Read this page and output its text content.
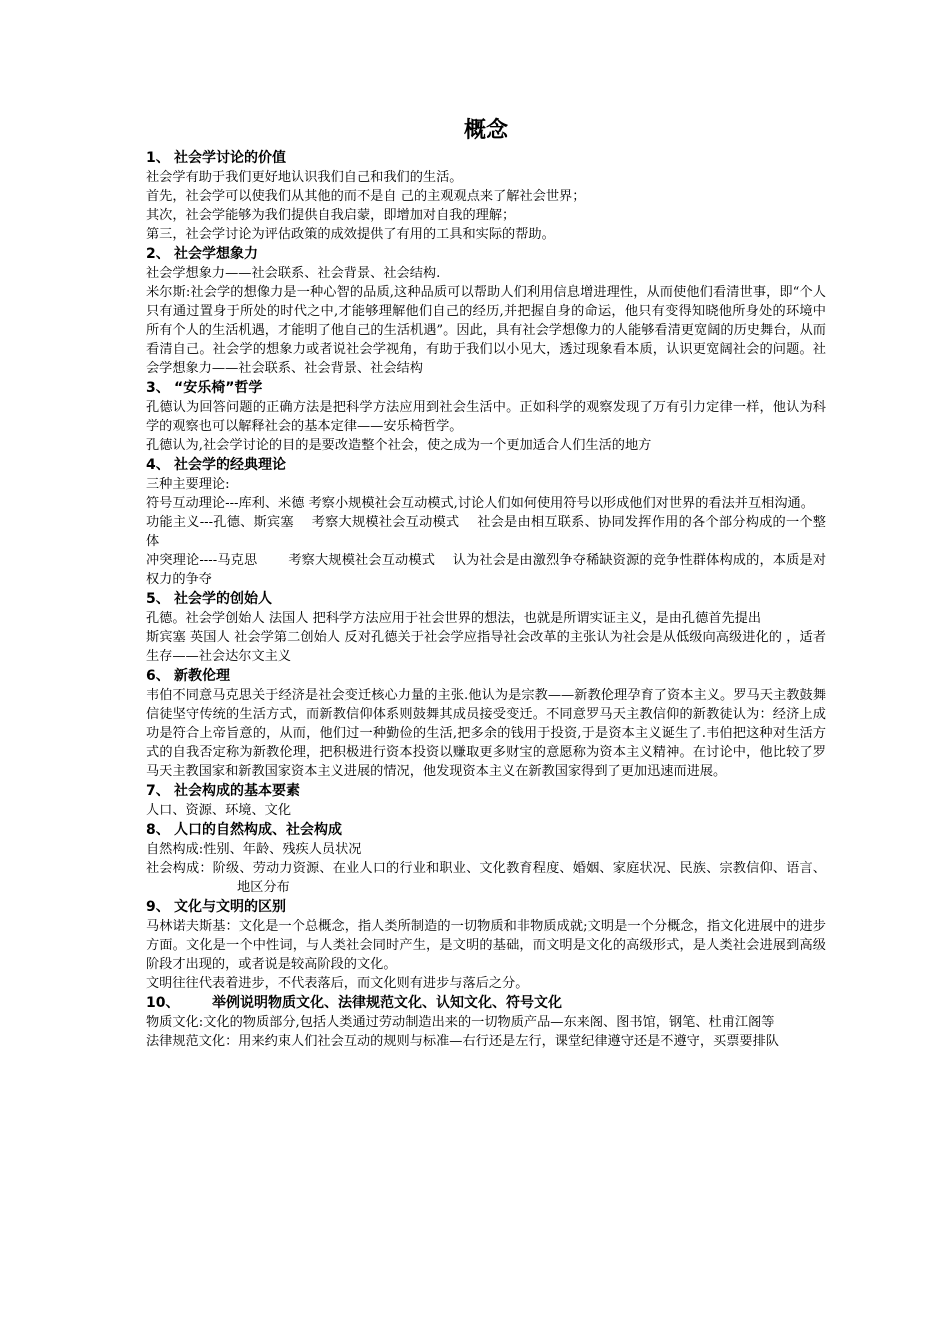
概念
1、 社会学讨论的价值

社会学有助于我们更好地认识我们自己和我们的生活。

首先，社会学可以使我们从其他的而不是自 己的主观观点来了解社会世界；

其次，社会学能够为我们提供自我启蒙，即增加对自我的理解；

第三，社会学讨论为评估政策的成效提供了有用的工具和实际的帮助。

2、 社会学想象力

社会学想象力——社会联系、社会背景、社会结构.

米尔斯:社会学的想像力是一种心智的品质,这种品质可以帮助人们利用信息增进理性，从而使他们看清世事，即“个人只有通过置身于所处的时代之中,才能够理解他们自己的经历,并把握自身的命运，他只有变得知晓他所身处的环境中所有个人的生活机遇，才能明了他自己的生活机遇”。因此，具有社会学想像力的人能够看清更宽阔的历史舞台，从而看清自己。社会学的想象力或者说社会学视角，有助于我们以小见大，透过现象看本质，认识更宽阔社会的问题。社会学想象力——社会联系、社会背景、社会结构

3、 “安乐椅”哲学

孔德认为回答问题的正确方法是把科学方法应用到社会生活中。正如科学的观察发现了万有引力定律一样，他认为科学的观察也可以解释社会的基本定律——安乐椅哲学。

孔德认为,社会学讨论的目的是要改造整个社会，使之成为一个更加适合人们生活的地方

4、 社会学的经典理论

三种主要理论:

符号互动理论---库利、米德 考察小规模社会互动模式,讨论人们如何使用符号以形成他们对世界的看法并互相沟通。

功能主义---孔德、斯宾塞　 考察大规模社会互动模式　 社会是由相互联系、协同发挥作用的各个部分构成的一个整体

冲突理论----马克思　　 考察大规模社会互动模式　 认为社会是由激烈争夺稀缺资源的竞争性群体构成的，本质是对权力的争夺

5、 社会学的创始人

孔德。社会学创始人 法国人 把科学方法应用于社会世界的想法，也就是所谓实证主义，是由孔德首先提出

斯宾塞 英国人 社会学第二创始人 反对孔德关于社会学应指导社会改革的主张认为社会是从低级向高级进化的 ，适者生存——社会达尔文主义

6、 新教伦理

韦伯不同意马克思关于经济是社会变迁核心力量的主张.他认为是宗教——新教伦理孕育了资本主义。罗马天主教鼓舞信徒坚守传统的生活方式，而新教信仰体系则鼓舞其成员接受变迁。不同意罗马天主教信仰的新教徒认为：经济上成功是符合上帝旨意的，从而，他们过一种勤俭的生活,把多余的钱用于投资,于是资本主义诞生了.韦伯把这种对生活方式的自我否定称为新教伦理，把积极进行资本投资以赚取更多财宝的意愿称为资本主义精神。在讨论中，他比较了罗马天主教国家和新教国家资本主义进展的情况，他发现资本主义在新教国家得到了更加迅速而进展。

7、 社会构成的基本要素

人口、资源、环境、文化

8、 人口的自然构成、社会构成

自然构成:性别、年龄、残疾人员状况

社会构成：阶级、劳动力资源、在业人口的行业和职业、文化教育程度、婚姻、家庭状况、民族、宗教信仰、语言、地区分布

9、 文化与文明的区别

马林诺夫斯基：文化是一个总概念，指人类所制造的一切物质和非物质成就;文明是一个分概念，指文化进展中的进步方面。文化是一个中性词，与人类社会同时产生，是文明的基础，而文明是文化的高级形式，是人类社会进展到高级阶段才出现的，或者说是较高阶段的文化。

文明往往代表着进步，不代表落后，而文化则有进步与落后之分。

10、 举例说明物质文化、法律规范文化、认知文化、符号文化

物质文化:文化的物质部分,包括人类通过劳动制造出来的一切物质产品—东来阁、图书馆，钢笔、杜甫江阁等

法律规范文化：用来约束人们社会互动的规则与标准—右行还是左行，课堂纪律遵守还是不遵守，买票要排队
